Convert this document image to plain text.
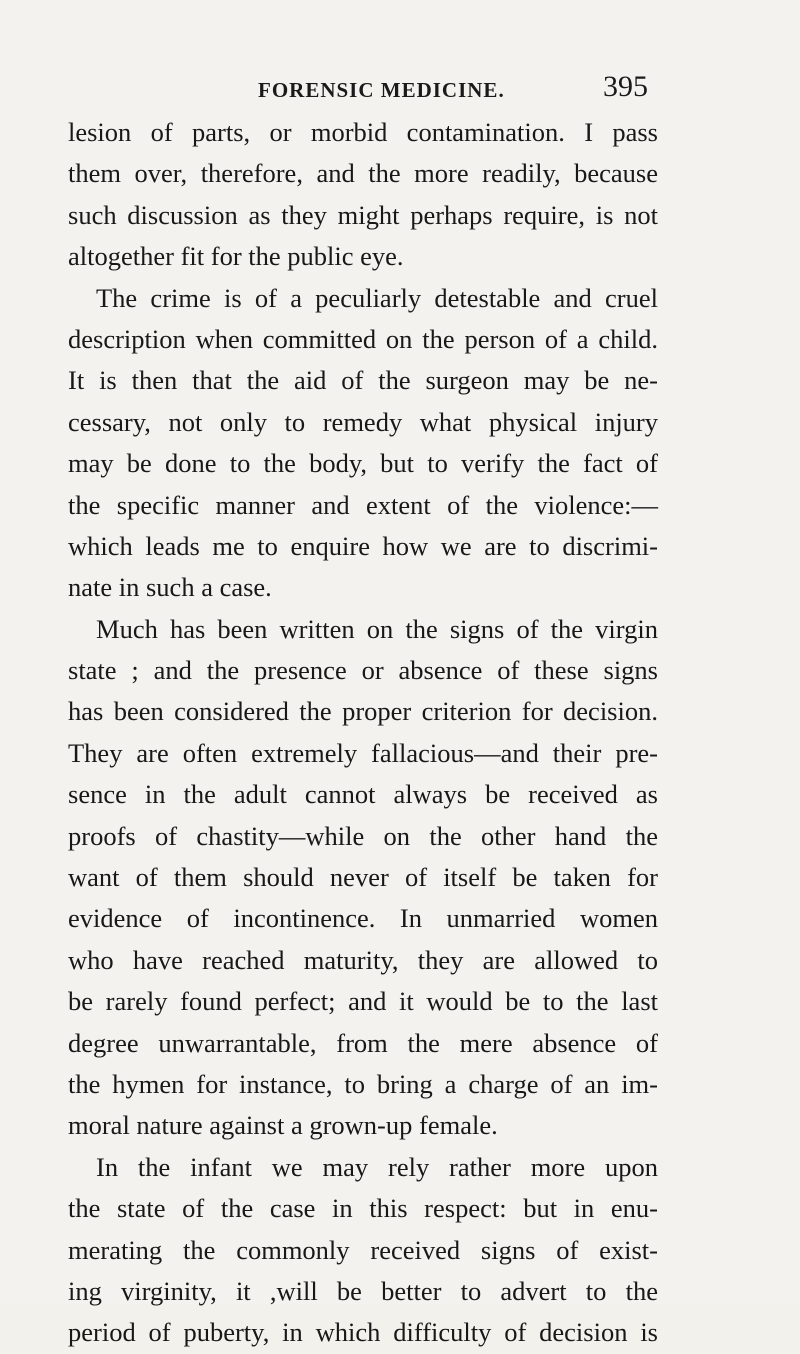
FORENSIC MEDICINE.	395
lesion of parts, or morbid contamination. I pass
them over, therefore, and the more readily, because
such discussion as they might perhaps require, is not
altogether fit for the public eye.
The crime is of a peculiarly detestable and cruel
description when committed on the person of a child.
It is then that the aid of the surgeon may be ne-
cessary, not only to remedy what physical injury
may be done to the body, but to verify the fact of
the specific manner and extent of the violence:—
which leads me to enquire how we are to discrimi-
nate in such a case.
Much has been written on the signs of the virgin
state ; and the presence or absence of these signs
has been considered the proper criterion for decision.
They are often extremely fallacious—and their pre-
sence in the adult cannot always be received as
proofs of chastity—while on the other hand the
want of them should never of itself be taken for
evidence of incontinence. In unmarried women
who have reached maturity, they are allowed to
be rarely found perfect; and it would be to the last
degree unwarrantable, from the mere absence of
the hymen for instance, to bring a charge of an im-
moral nature against a grown-up female.
In the infant we may rely rather more upon
the state of the case in this respect: but in enu-
merating the commonly received signs of exist-
ing virginity, it ,will be better to advert to the
period of puberty, in which difficulty of decision is
